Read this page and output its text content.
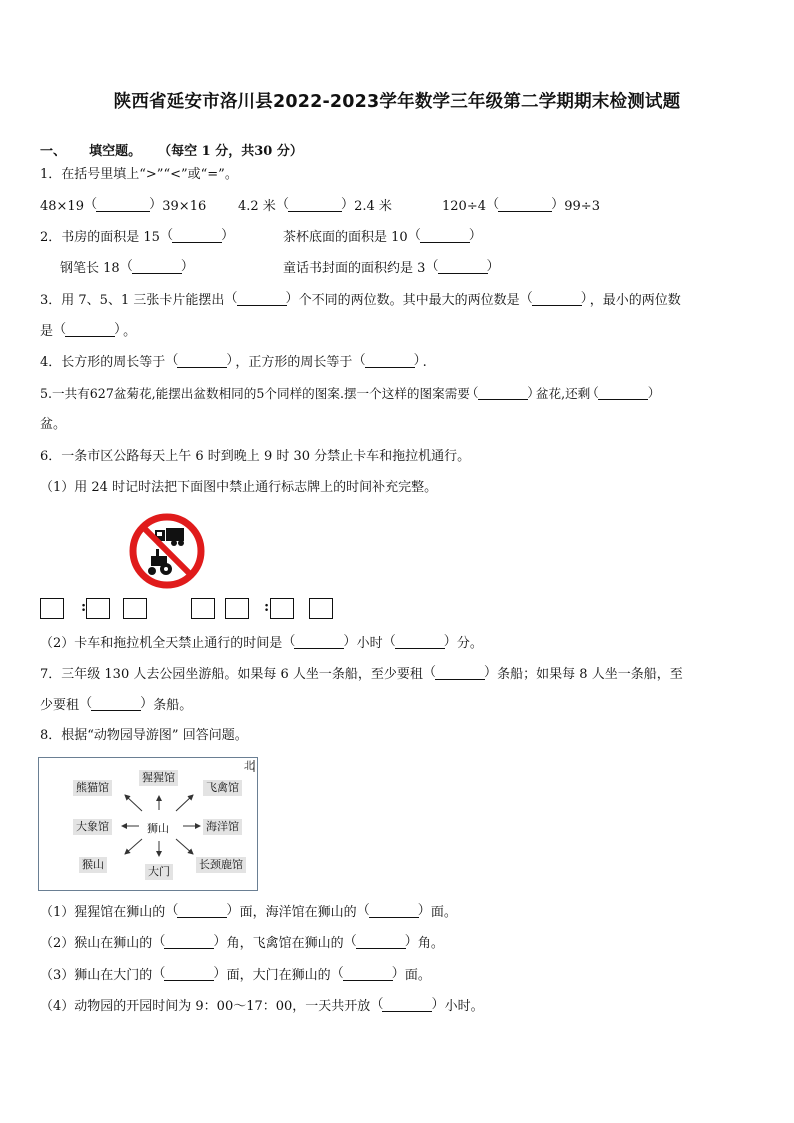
陕西省延安市洛川县2022-2023学年数学三年级第二学期期末检测试题
一、 填空题。 （每空 1 分，共30 分）
1．在括号里填上“>”“<”或“=”。
48×19 （
）	39×16 4.2 米 （
）	2.4 米	120÷4 （
）	99÷3
2．书房的面积是 15 （
）	茶杯底面的面积是 10 （
）
钢笔长 18 （
）	童话书封面的面积约是 3 （
）
3．用 7、5、1 三张卡片能摆出 （
）	个不同的两位数。其中最大的两位数是 （
）	，最小的两位数
是 （
）	。
4．长方形的周长等于 （
）	，正方形的周长等于 （
）	.
5.一共有627盆菊花,能摆出盆数相同的5个同样的图案.摆一个这样的图案需要 （
）	盆花,还剩（
）
盆。
6．一条市区公路每天上午 6 时到晚上 9 时 30 分禁止卡车和拖拉机通行。
（1）用 24 时记时法把下面图中禁止通行标志牌上的时间补充完整。
:	:
（2）卡车和拖拉机全天禁止通行的时间是 （
）	小时 （
）	分。
7．三年级 130 人去公园坐游船。如果每 6 人坐一条船，至少要租 （
）	条船；如果每 8 人坐一条船，至
少要租 （
）	条船。
8．根据“动物园导游图” 回答问题。
北
熊猫馆
猩猩馆
飞禽馆
大象馆	狮山	海洋馆
猴山
大门
长颈鹿馆
（1）猩猩馆在狮山的 （
）	面，海洋馆在狮山的 （
）	面。
（2）猴山在狮山的 （
）	角，飞禽馆在狮山的 （
）	角。
（3）狮山在大门的 （
）	面，大门在狮山的 （
）	面。
（4）动物园的开园时间为 9：00～17：00，一天共开放 （
）	小时。
